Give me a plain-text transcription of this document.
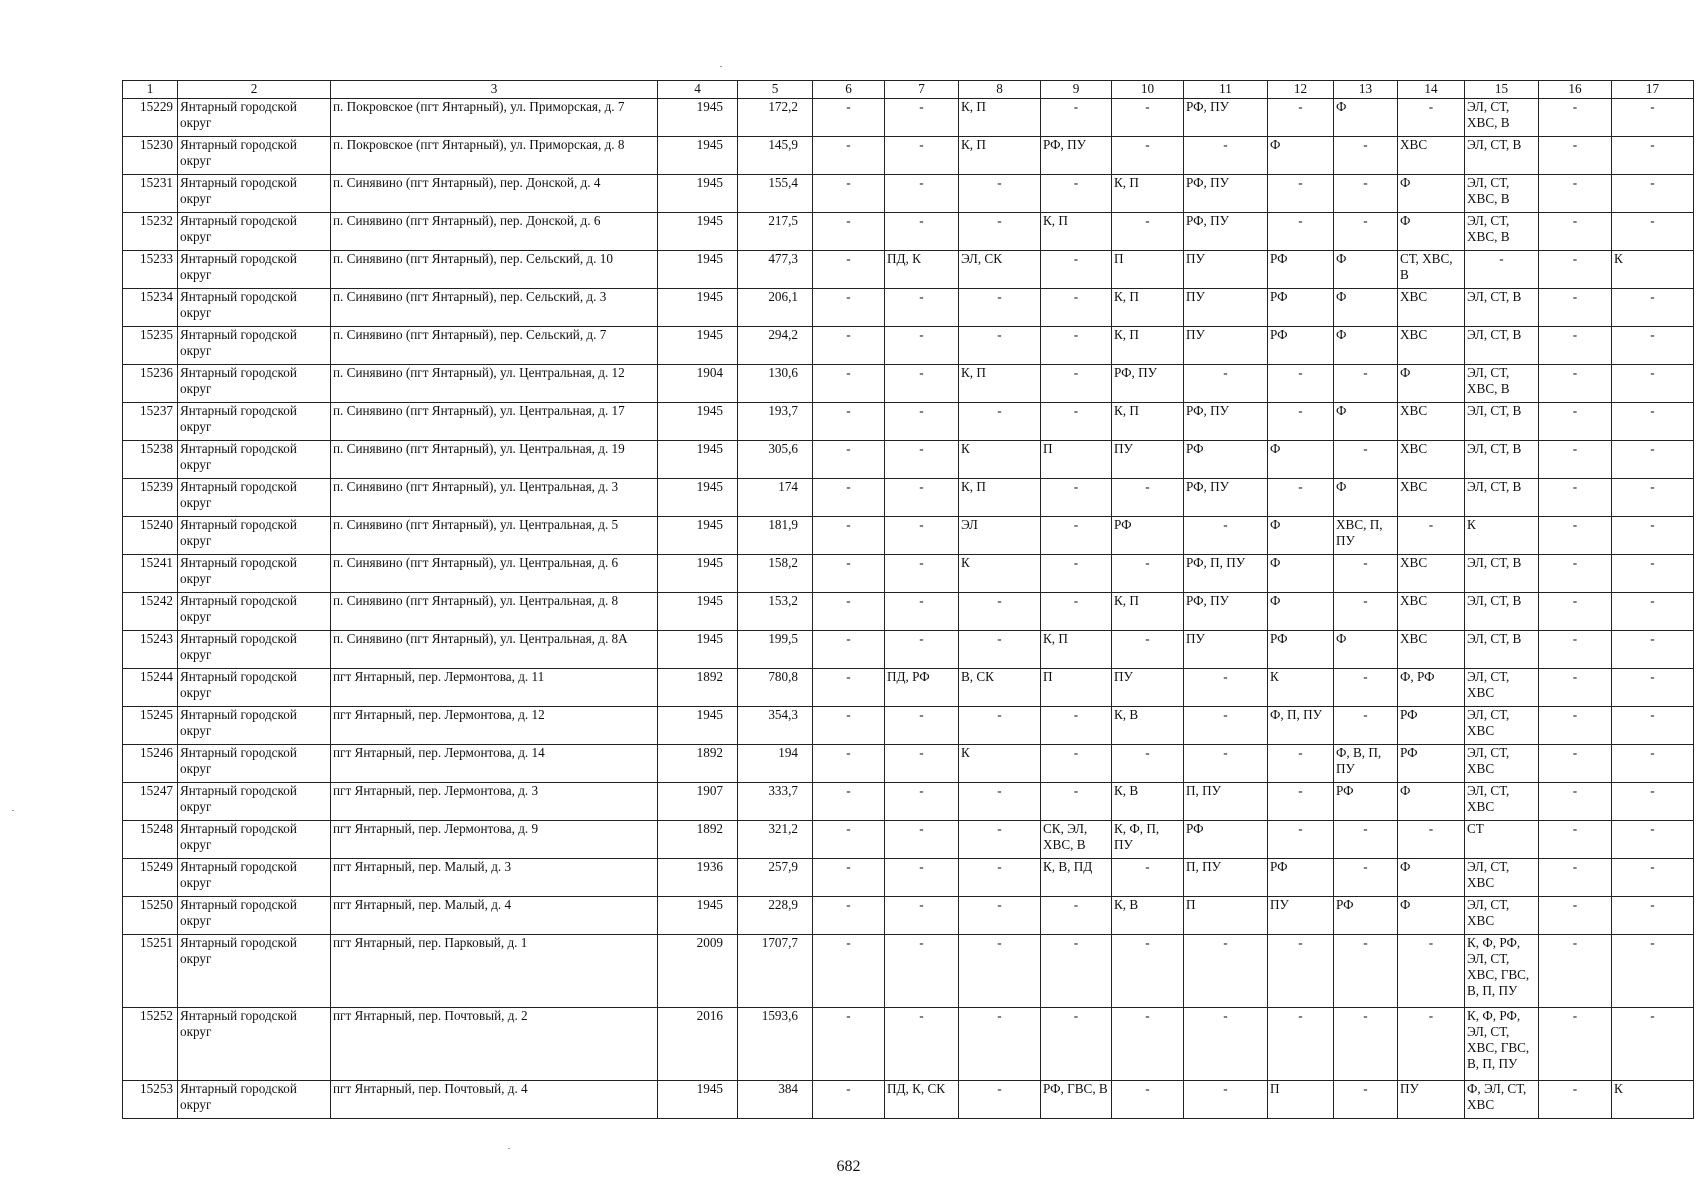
1	2	3	4	5	6	7	8	9	10	11	12	13	14	15	16	17
15229	Янтарный городской округ	п. Покровское (пгт Янтарный), ул. Приморская, д. 7	1945	172,2	-	-	К, П	-	-	РФ, ПУ	-	Ф	-	ЭЛ, СТ, ХВС, В	-	-
15230	Янтарный городской округ	п. Покровское (пгт Янтарный), ул. Приморская, д. 8	1945	145,9	-	-	К, П	РФ, ПУ	-	-	Ф	-	ХВС	ЭЛ, СТ, В	-	-
15231	Янтарный городской округ	п. Синявино (пгт Янтарный), пер. Донской, д. 4	1945	155,4	-	-	-	-	К, П	РФ, ПУ	-	-	Ф	ЭЛ, СТ, ХВС, В	-	-
15232	Янтарный городской округ	п. Синявино (пгт Янтарный), пер. Донской, д. 6	1945	217,5	-	-	-	К, П	-	РФ, ПУ	-	-	Ф	ЭЛ, СТ, ХВС, В	-	-
15233	Янтарный городской округ	п. Синявино (пгт Янтарный), пер. Сельский, д. 10	1945	477,3	-	ПД, К	ЭЛ, СК	-	П	ПУ	РФ	Ф	СТ, ХВС, В	-	-	К
15234	Янтарный городской округ	п. Синявино (пгт Янтарный), пер. Сельский, д. 3	1945	206,1	-	-	-	-	К, П	ПУ	РФ	Ф	ХВС	ЭЛ, СТ, В	-	-
15235	Янтарный городской округ	п. Синявино (пгт Янтарный), пер. Сельский, д. 7	1945	294,2	-	-	-	-	К, П	ПУ	РФ	Ф	ХВС	ЭЛ, СТ, В	-	-
15236	Янтарный городской округ	п. Синявино (пгт Янтарный), ул. Центральная, д. 12	1904	130,6	-	-	К, П	-	РФ, ПУ	-	-	-	Ф	ЭЛ, СТ, ХВС, В	-	-
15237	Янтарный городской округ	п. Синявино (пгт Янтарный), ул. Центральная, д. 17	1945	193,7	-	-	-	-	К, П	РФ, ПУ	-	Ф	ХВС	ЭЛ, СТ, В	-	-
15238	Янтарный городской округ	п. Синявино (пгт Янтарный), ул. Центральная, д. 19	1945	305,6	-	-	К	П	ПУ	РФ	Ф	-	ХВС	ЭЛ, СТ, В	-	-
15239	Янтарный городской округ	п. Синявино (пгт Янтарный), ул. Центральная, д. 3	1945	174	-	-	К, П	-	-	РФ, ПУ	-	Ф	ХВС	ЭЛ, СТ, В	-	-
15240	Янтарный городской округ	п. Синявино (пгт Янтарный), ул. Центральная, д. 5	1945	181,9	-	-	ЭЛ	-	РФ	-	Ф	ХВС, П, ПУ	-	К	-	-
15241	Янтарный городской округ	п. Синявино (пгт Янтарный), ул. Центральная, д. 6	1945	158,2	-	-	К	-	-	РФ, П, ПУ	Ф	-	ХВС	ЭЛ, СТ, В	-	-
15242	Янтарный городской округ	п. Синявино (пгт Янтарный), ул. Центральная, д. 8	1945	153,2	-	-	-	-	К, П	РФ, ПУ	Ф	-	ХВС	ЭЛ, СТ, В	-	-
15243	Янтарный городской округ	п. Синявино (пгт Янтарный), ул. Центральная, д. 8А	1945	199,5	-	-	-	К, П	-	ПУ	РФ	Ф	ХВС	ЭЛ, СТ, В	-	-
15244	Янтарный городской округ	пгт Янтарный, пер. Лермонтова, д. 11	1892	780,8	-	ПД, РФ	В, СК	П	ПУ	-	К	-	Ф, РФ	ЭЛ, СТ, ХВС	-	-
15245	Янтарный городской округ	пгт Янтарный, пер. Лермонтова, д. 12	1945	354,3	-	-	-	-	К, В	-	Ф, П, ПУ	-	РФ	ЭЛ, СТ, ХВС	-	-
15246	Янтарный городской округ	пгт Янтарный, пер. Лермонтова, д. 14	1892	194	-	-	К	-	-	-	-	Ф, В, П, ПУ	РФ	ЭЛ, СТ, ХВС	-	-
15247	Янтарный городской округ	пгт Янтарный, пер. Лермонтова, д. 3	1907	333,7	-	-	-	-	К, В	П, ПУ	-	РФ	Ф	ЭЛ, СТ, ХВС	-	-
15248	Янтарный городской округ	пгт Янтарный, пер. Лермонтова, д. 9	1892	321,2	-	-	-	СК, ЭЛ, ХВС, В	К, Ф, П, ПУ	РФ	-	-	-	СТ	-	-
15249	Янтарный городской округ	пгт Янтарный, пер. Малый, д. 3	1936	257,9	-	-	-	К, В, ПД	-	П, ПУ	РФ	-	Ф	ЭЛ, СТ, ХВС	-	-
15250	Янтарный городской округ	пгт Янтарный, пер. Малый, д. 4	1945	228,9	-	-	-	-	К, В	П	ПУ	РФ	Ф	ЭЛ, СТ, ХВС	-	-
15251	Янтарный городской округ	пгт Янтарный, пер. Парковый, д. 1	2009	1707,7	-	-	-	-	-	-	-	-	-	К, Ф, РФ, ЭЛ, СТ, ХВС, ГВС, В, П, ПУ	-	-
15252	Янтарный городской округ	пгт Янтарный, пер. Почтовый, д. 2	2016	1593,6	-	-	-	-	-	-	-	-	-	К, Ф, РФ, ЭЛ, СТ, ХВС, ГВС, В, П, ПУ	-	-
15253	Янтарный городской округ	пгт Янтарный, пер. Почтовый, д. 4	1945	384	-	ПД, К, СК	-	РФ, ГВС, В	-	-	П	-	ПУ	Ф, ЭЛ, СТ, ХВС	-	К
682
